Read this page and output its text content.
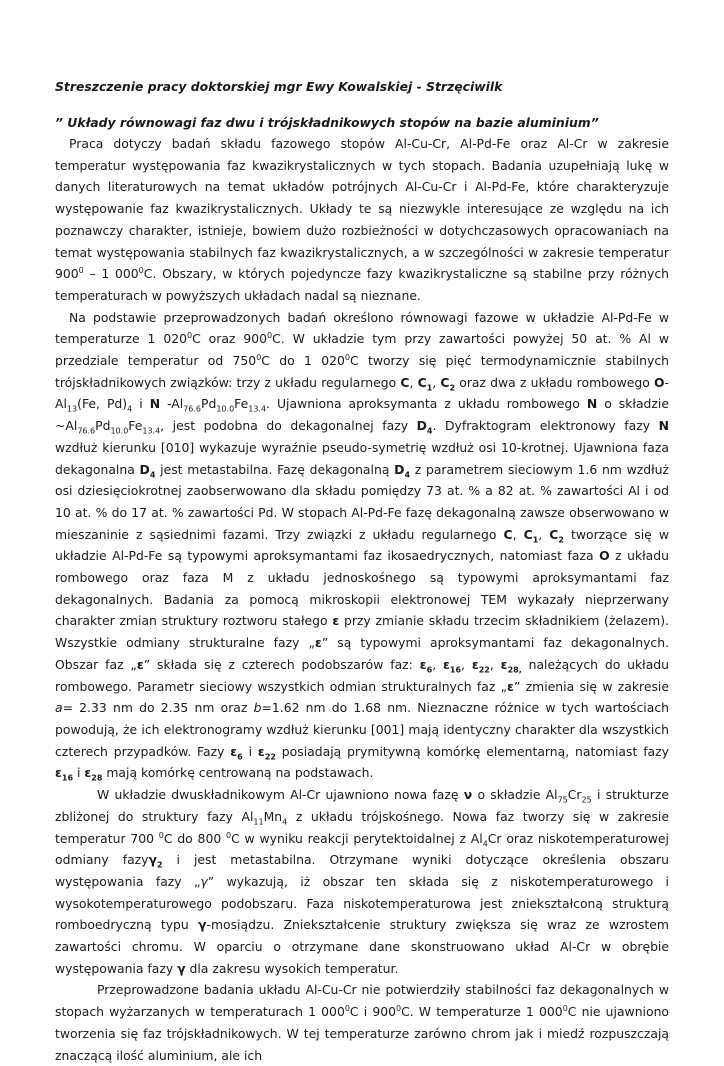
Streszczenie pracy doktorskiej mgr Ewy Kowalskiej - Strzęciwilk
” Układy równowagi faz dwu i trójskładnikowych stopów na bazie aluminium”

Praca dotyczy badań składu fazowego stopów Al-Cu-Cr, Al-Pd-Fe oraz Al-Cr w zakresie temperatur występowania faz kwazikrystalicznych w tych stopach. Badania uzupełniają lukę w danych literaturowych na temat układów potrójnych Al-Cu-Cr i Al-Pd-Fe, które charakteryzuje występowanie faz kwazikrystalicznych. Układy te są niezwykle interesujące ze względu na ich poznawczy charakter, istnieje, bowiem dużo rozbieżności w dotychczasowych opracowaniach na temat występowania stabilnych faz kwazikrystalicznych, a w szczególności w zakresie temperatur $900^0 - 1$ $000^0C$. Obszary, w których pojedyncze fazy kwazikrystaliczne są stabilne przy różnych temperaturach w powyższych układach nadal są nieznane.

Na podstawie przeprowadzonych badań określono równowagi fazowe w układzie Al-Pd-Fe w temperaturze 1 $020^0C$ oraz $900^0C$. W układzie tym przy zawartości powyżej 50 at. % Al w przedziale temperatur od $750^0C$ do 1 $020^0C$ tworzy się pięć termodynamicznie stabilnych trójskładnikowych związków: trzy z układu regularnego C, $C_1$, $C_2$ oraz dwa z układu rombowego $O-Al_{13}(Fe$, $Pd)_4$ i N $-Al_{76.6}Pd_{10.0}Fe_{13.4}$. Ujawniona aproksymanta z układu rombowego N o składzie $\sim Al_{76.6}Pd_{10.0}Fe_{13.4}$, jest podobna do dekagonalnej fazy $D_4$. Dyfraktogram elektronowy fazy N wzdłuż kierunku [010] wykazuje wyraźnie pseudo-symetrię wzdłuż osi 10-krotnej. Ujawniona faza dekagonalna $D_4$ jest metastabilna. Fazę dekagonalną $D_4$ z parametrem sieciowym 1.6 nm wzdłuż osi dziesięciokrotnej zaobserwowano dla składu pomiędzy 73 at. % a 82 at. % zawartości Al i od 10 at. % do 17 at. % zawartości Pd. W stopach Al-Pd-Fe fazę dekagonalną zawsze obserwowano w mieszaninie z sąsiednimi fazami. Trzy związki z układu regularnego C, $C_1$, $C_2$ tworzące się w układzie Al-Pd-Fe są typowymi aproksymantami faz ikosaedrycznych, natomiast faza O z układu rombowego oraz faza M z układu jednoskośnego są typowymi aproksymantami faz dekagonalnych. Badania za pomocą mikroskopii elektronowej TEM wykazały nieprzerwany charakter zmian struktury roztworu stałego ε przy zmianie składu trzecim składnikiem (żelazem). Wszystkie odmiany strukturalne fazy „ε” są typowymi aproksymantami faz dekagonalnych. Obszar faz „ε” składa się z czterech podobszarów faz: $\varepsilon_6$, $\varepsilon_{16}$, $\varepsilon_{22}$, $\varepsilon_{28,}$ należących do układu rombowego. Parametr sieciowy wszystkich odmian strukturalnych faz „ε” zmienia się w zakresie a= 2.33 nm do 2.35 nm oraz b=1.62 nm do 1.68 nm. Nieznaczne różnice w tych wartościach powodują, że ich elektronogramy wzdłuż kierunku [001] mają identyczny charakter dla wszystkich czterech przypadków. Fazy $\varepsilon_6$ i $\varepsilon_{22}$ posiadają prymitywną komórkę elementarną, natomiast fazy $\varepsilon_{16}$ i $\varepsilon_{28}$ mają komórkę centrowaną na podstawach.

W układzie dwuskładnikowym Al-Cr ujawniono nowa fazę ν o składzie $Al_{75}Cr_{25}$ i strukturze zbliżonej do struktury fazy $Al_{11}Mn_4$ z układu trójskośnego. Nowa faz tworzy się w zakresie temperatur 700 $^0$C do 800 $^0$C w wyniku reakcji perytektoidalnej z $Al_4Cr$ oraz niskotemperaturowej odmiany fazyγ$_2$ i jest metastabilna. Otrzymane wyniki dotyczące określenia obszaru występowania fazy „γ” wykazują, iż obszar ten składa się z niskotemperaturowego i wysokotemperaturowego podobszaru. Faza niskotemperaturowa jest zniekształconą strukturą romboedryczną typu γ-mosiądzu. Zniekształcenie struktury zwiększa się wraz ze wzrostem zawartości chromu. W oparciu o otrzymane dane skonstruowano układ Al-Cr w obrębie występowania fazy γ dla zakresu wysokich temperatur.

Przeprowadzone badania układu Al-Cu-Cr nie potwierdziły stabilności faz dekagonalnych w stopach wyżarzanych w temperaturach 1 $000^0C$ i $900^0C$. W temperaturze 1 $000^0C$ nie ujawniono tworzenia się faz trójskładnikowych. W tej temperaturze zarówno chrom jak i miedź rozpuszczają znaczącą ilość aluminium, ale ich
